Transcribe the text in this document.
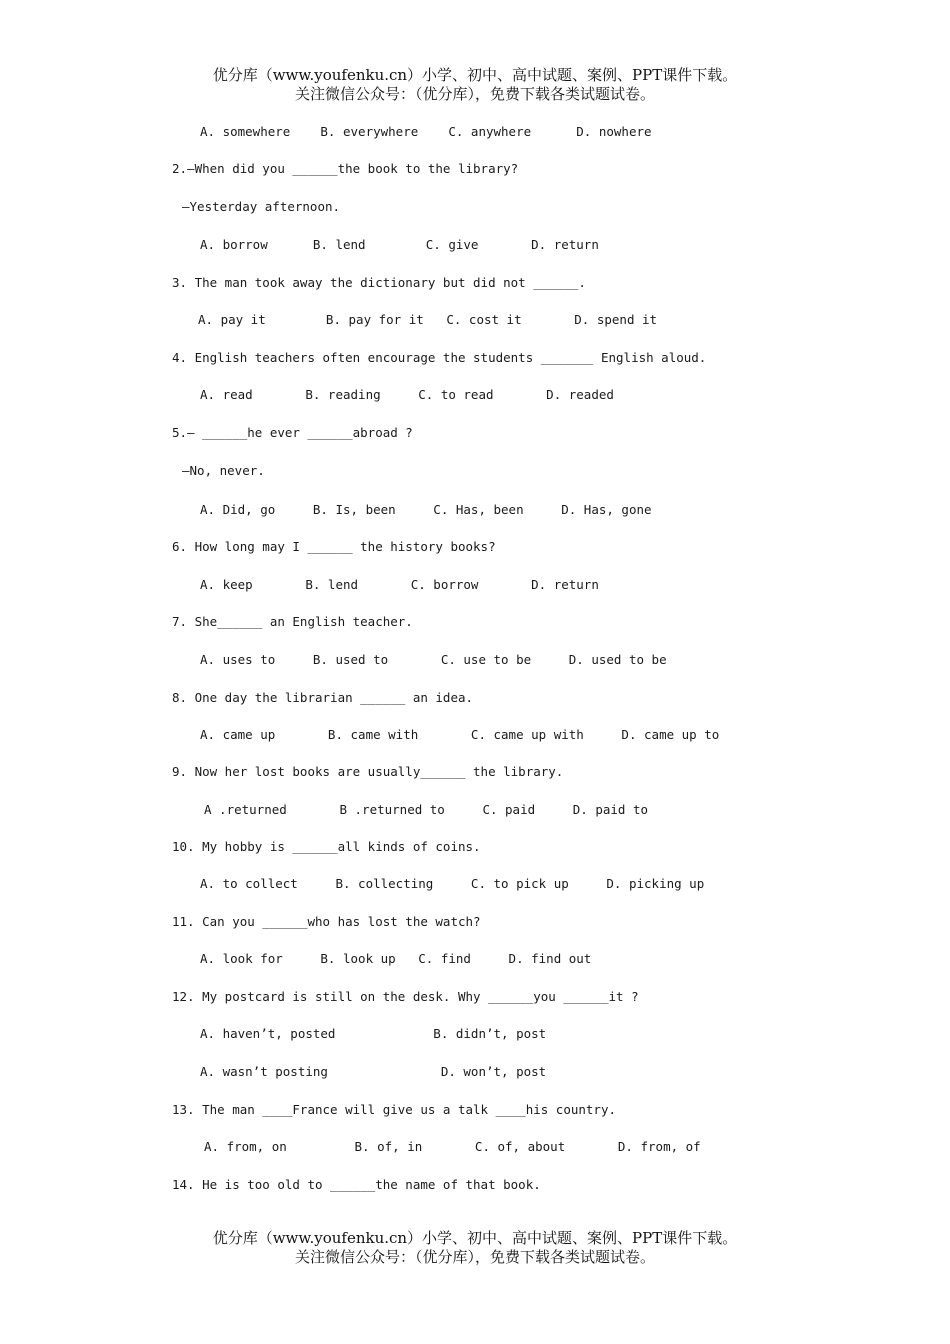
优分库（www.youfenku.cn）小学、初中、高中试题、案例、PPT课件下载。
关注微信公众号：（优分库），免费下载各类试题试卷。
A. somewhere    B. everywhere    C. anywhere      D. nowhere
2.—When did you ______the book to the library?
—Yesterday afternoon.
A. borrow      B. lend        C. give       D. return
3. The man took away the dictionary but did not ______.
A. pay it        B. pay for it   C. cost it       D. spend it
4. English teachers often encourage the students _______ English aloud.
A. read       B. reading     C. to read       D. readed
5.— ______he ever ______abroad ?
—No, never.
A. Did, go     B. Is, been     C. Has, been     D. Has, gone
6. How long may I ______ the history books?
A. keep       B. lend       C. borrow       D. return
7. She______ an English teacher.
A. uses to     B. used to       C. use to be     D. used to be
8. One day the librarian ______ an idea.
A. came up       B. came with       C. came up with     D. came up to
9. Now her lost books are usually______ the library.
A .returned       B .returned to     C. paid     D. paid to
10. My hobby is ______all kinds of coins.
A. to collect     B. collecting     C. to pick up     D. picking up
11. Can you ______who has lost the watch?
A. look for     B. look up   C. find     D. find out
12. My postcard is still on the desk. Why ______you ______it ?
A. haven’t, posted             B. didn’t, post
A. wasn’t posting               D. won’t, post
13. The man ____France will give us a talk ____his country.
A. from, on         B. of, in       C. of, about       D. from, of
14. He is too old to ______the name of that book.
优分库（www.youfenku.cn）小学、初中、高中试题、案例、PPT课件下载。
关注微信公众号：（优分库），免费下载各类试题试卷。
